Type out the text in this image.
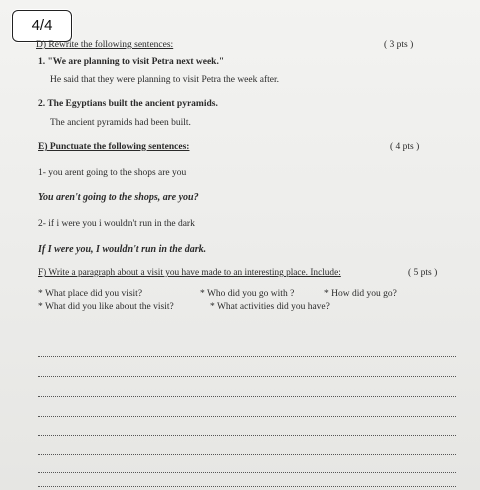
4/4
D) Rewrite the following sentences:	( 3 pts )
1. "We are planning to visit Petra next week."
He said that they were planning to visit Petra the week after.
2. The Egyptians built the ancient pyramids.
The ancient pyramids had been built.
E) Punctuate the following sentences:	( 4 pts )
1- you arent going to the shops are you
You aren't going to the shops, are you?
2- if i were you i wouldn't run in the dark
If I were you, I wouldn't run in the dark.
F) Write a paragraph about a visit you have made to an interesting place. Include:	( 5 pts )
* What place did you visit?	* Who did you go with ?	* How did you go?
* What did you like about the visit?	* What activities did you have?
